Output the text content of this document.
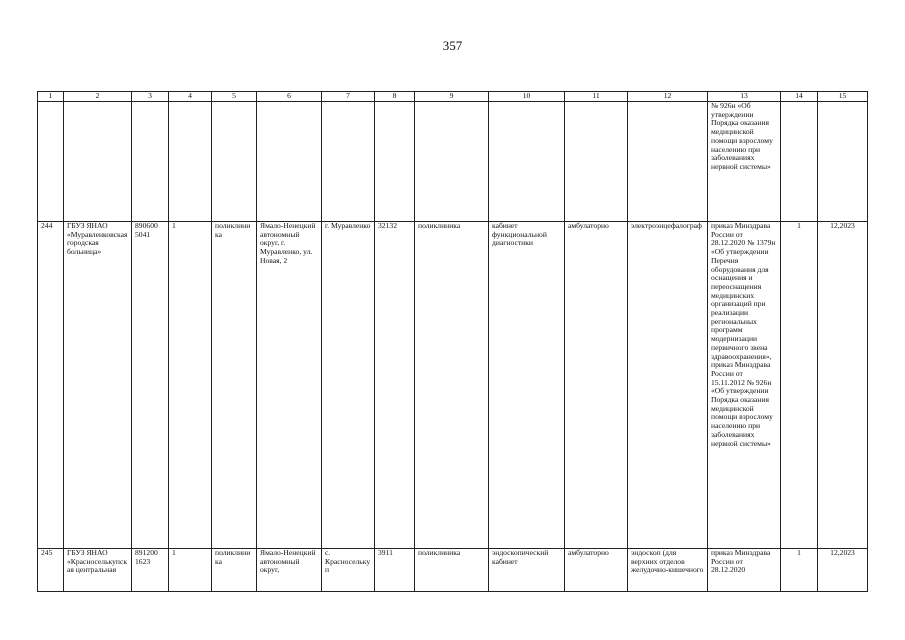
357
1	2	3	4	5	6	7	8	9	10	11	12	13	14	15
												№ 926н «Об утверждении Порядка оказания медицинской помощи взрослому населению при заболеваниях нервной системы»		
244	ГБУЗ ЯНАО «Муравленковская городская больница»	890600 5041	1	поликлиника	Ямало-Ненецкий автономный округ, г. Муравленко, ул. Новая, 2	г. Муравленко	32132	поликлиника	кабинет функциональной диагностики	амбулаторно	электроэнцефалограф	приказ Минздрава России от 28.12.2020 № 1379н «Об утверждении Перечня оборудования для оснащения и переоснащения медицинских организаций при реализации региональных программ модернизации первичного звена здравоохранения», приказ Минздрава России от 15.11.2012 № 926н «Об утверждении Порядка оказания медицинской помощи взрослому населению при заболеваниях нервной системы»	1	12,2023
245	ГБУЗ ЯНАО «Красноселькупская центральная	891200 1623	1	поликлиника	Ямало-Ненецкий автономный округ,	с. Красноселькуп	3911	поликлиника	эндоскопический кабинет	амбулаторно	эндоскоп (для верхних отделов желудочно-кишечного	приказ Минздрава России от 28.12.2020	1	12,2023
